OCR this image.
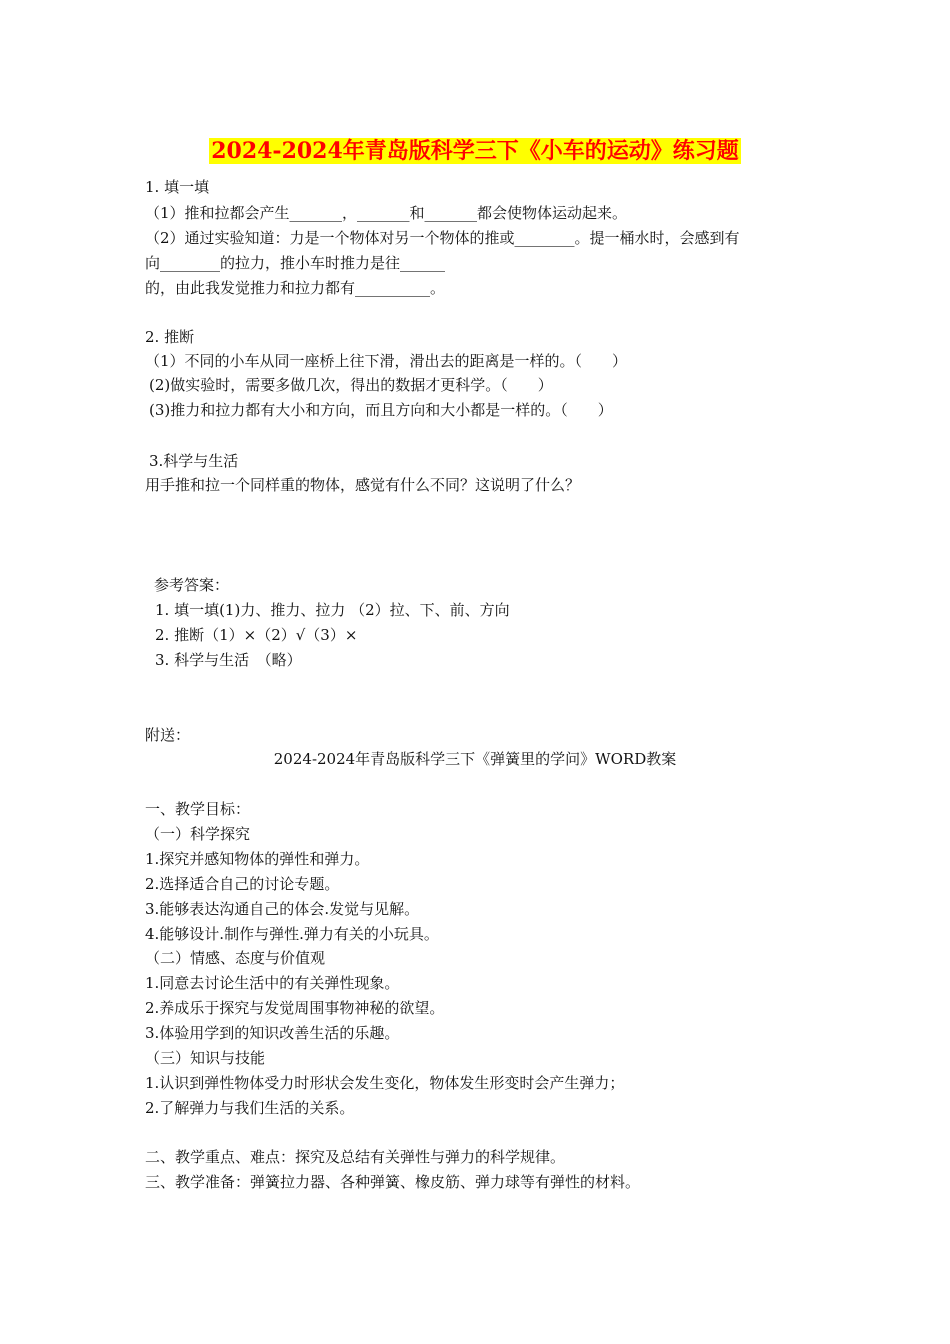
2024-2024年青岛版科学三下《小车的运动》练习题
1. 填一填
（1）推和拉都会产生_______，_______和_______都会使物体运动起来。
（2）通过实验知道：力是一个物体对另一个物体的推或________。提一桶水时，会感到有
向________的拉力，推小车时推力是往______
的，由此我发觉推力和拉力都有__________。
2. 推断
（1）不同的小车从同一座桥上往下滑，滑出去的距离是一样的。（　　）
(2)做实验时，需要多做几次，得出的数据才更科学。（　　）
(3)推力和拉力都有大小和方向，而且方向和大小都是一样的。（　　）
3.科学与生活
用手推和拉一个同样重的物体，感觉有什么不同？这说明了什么？
参考答案：
1. 填一填(1)力、推力、拉力 （2）拉、下、前、方向
2. 推断（1）×（2）√（3）×
3. 科学与生活　（略）
附送：
2024-2024年青岛版科学三下《弹簧里的学问》WORD教案
一、教学目标：
（一）科学探究
1.探究并感知物体的弹性和弹力。
2.选择适合自己的讨论专题。
3.能够表达沟通自己的体会.发觉与见解。
4.能够设计.制作与弹性.弹力有关的小玩具。
（二）情感、态度与价值观
1.同意去讨论生活中的有关弹性现象。
2.养成乐于探究与发觉周围事物神秘的欲望。
3.体验用学到的知识改善生活的乐趣。
（三）知识与技能
1.认识到弹性物体受力时形状会发生变化，物体发生形变时会产生弹力；
2.了解弹力与我们生活的关系。
二、教学重点、难点：探究及总结有关弹性与弹力的科学规律。
三、教学准备：弹簧拉力器、各种弹簧、橡皮筋、弹力球等有弹性的材料。
